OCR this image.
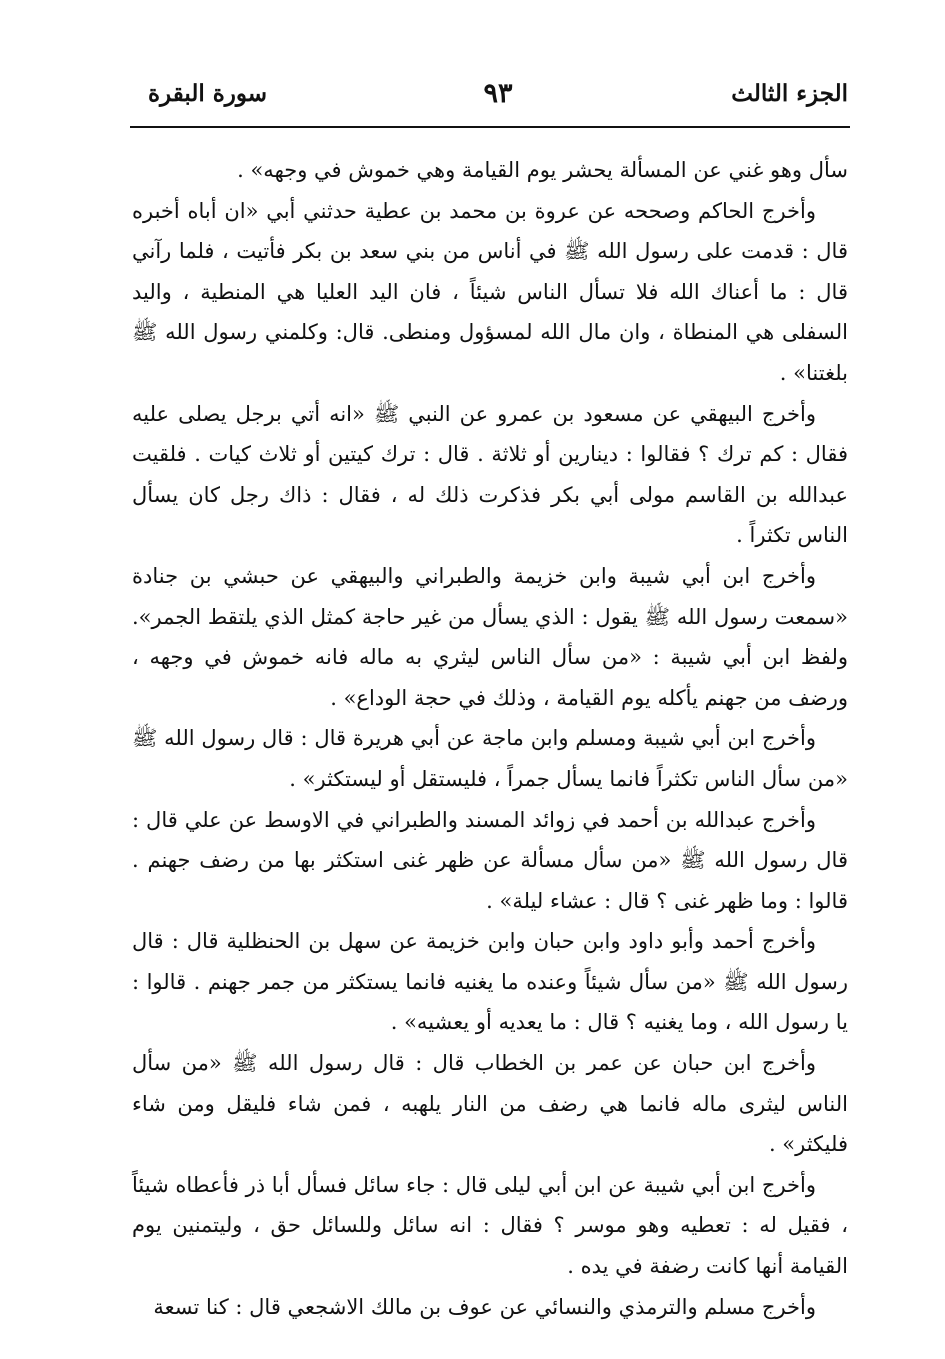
الجزء الثالث
٩٣
سورة البقرة

سأل وهو غني عن المسألة يحشر يوم القيامة وهي خموش في وجهه» .

وأخرج الحاكم وصححه عن عروة بن محمد بن عطية حدثني أبي «ان أباه أخبره قال : قدمت على رسول الله ﷺ في أناس من بني سعد بن بكر فأتيت ، فلما رآني قال : ما أعناك الله فلا تسأل الناس شيئاً ، فان اليد العليا هي المنطية ، واليد السفلى هي المنطاة ، وان مال الله لمسؤول ومنطى. قال: وكلمني رسول الله ﷺ بلغتنا» .

وأخرج البيهقي عن مسعود بن عمرو عن النبي ﷺ «انه أتي برجل يصلى عليه فقال : كم ترك ؟ فقالوا : دينارين أو ثلاثة . قال : ترك كيتين أو ثلاث كيات . فلقيت عبدالله بن القاسم مولى أبي بكر فذكرت ذلك له ، فقال : ذاك رجل كان يسأل الناس تكثراً .

وأخرج ابن أبي شيبة وابن خزيمة والطبراني والبيهقي عن حبشي بن جنادة «سمعت رسول الله ﷺ يقول : الذي يسأل من غير حاجة كمثل الذي يلتقط الجمر». ولفظ ابن أبي شيبة : «من سأل الناس ليثري به ماله فانه خموش في وجهه ، ورضف من جهنم يأكله يوم القيامة ، وذلك في حجة الوداع» .

وأخرج ابن أبي شيبة ومسلم وابن ماجة عن أبي هريرة قال : قال رسول الله ﷺ «من سأل الناس تكثراً فانما يسأل جمراً ، فليستقل أو ليستكثر» .

وأخرج عبدالله بن أحمد في زوائد المسند والطبراني في الاوسط عن علي قال : قال رسول الله ﷺ «من سأل مسألة عن ظهر غنى استكثر بها من رضف جهنم . قالوا : وما ظهر غنى ؟ قال : عشاء ليلة» .

وأخرج أحمد وأبو داود وابن حبان وابن خزيمة عن سهل بن الحنظلية قال : قال رسول الله ﷺ «من سأل شيئاً وعنده ما يغنيه فانما يستكثر من جمر جهنم . قالوا : يا رسول الله ، وما يغنيه ؟ قال : ما يعديه أو يعشيه» .

وأخرج ابن حبان عن عمر بن الخطاب قال : قال رسول الله ﷺ «من سأل الناس ليثرى ماله فانما هي رضف من النار يلهبه ، فمن شاء فليقل ومن شاء فليكثر» .

وأخرج ابن أبي شيبة عن ابن أبي ليلى قال : جاء سائل فسأل أبا ذر فأعطاه شيئاً ، فقيل له : تعطيه وهو موسر ؟ فقال : انه سائل وللسائل حق ، وليتمنين يوم القيامة أنها كانت رضفة في يده .

وأخرج مسلم والترمذي والنسائي عن عوف بن مالك الاشجعي قال : كنا تسعة
